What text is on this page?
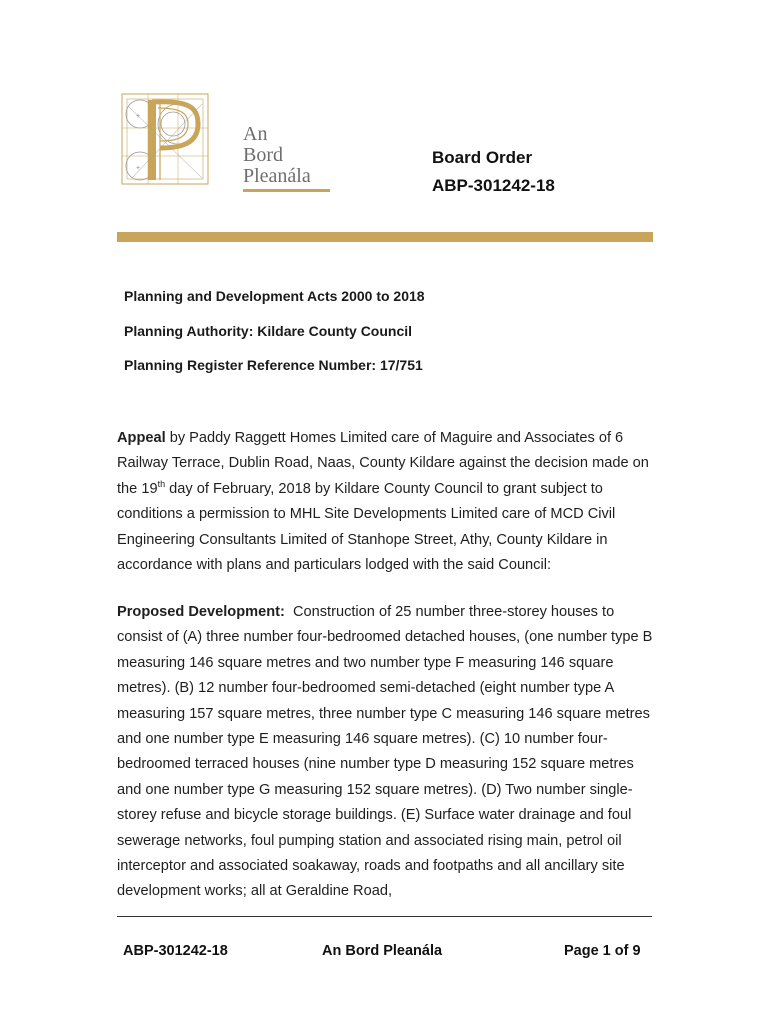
+
+
An
Bord
Pleanála
Board Order
ABP-301242-18
Planning and Development Acts 2000 to 2018
Planning Authority: Kildare County Council
Planning Register Reference Number: 17/751
Appeal by Paddy Raggett Homes Limited care of Maguire and Associates of 6 Railway Terrace, Dublin Road, Naas, County Kildare against the decision made on the 19th day of February, 2018 by Kildare County Council to grant subject to conditions a permission to MHL Site Developments Limited care of MCD Civil Engineering Consultants Limited of Stanhope Street, Athy, County Kildare in accordance with plans and particulars lodged with the said Council:
Proposed Development:  Construction of 25 number three-storey houses to consist of (A) three number four-bedroomed detached houses, (one number type B measuring 146 square metres and two number type F measuring 146 square metres). (B) 12 number four-bedroomed semi-detached (eight number type A measuring 157 square metres, three number type C measuring 146 square metres and one number type E measuring 146 square metres). (C) 10 number four-bedroomed terraced houses (nine number type D measuring 152 square metres and one number type G measuring 152 square metres). (D) Two number single-storey refuse and bicycle storage buildings. (E) Surface water drainage and foul sewerage networks, foul pumping station and associated rising main, petrol oil interceptor and associated soakaway, roads and footpaths and all ancillary site development works; all at Geraldine Road,
ABP-301242-18	An Bord Pleanála	Page 1 of 9
